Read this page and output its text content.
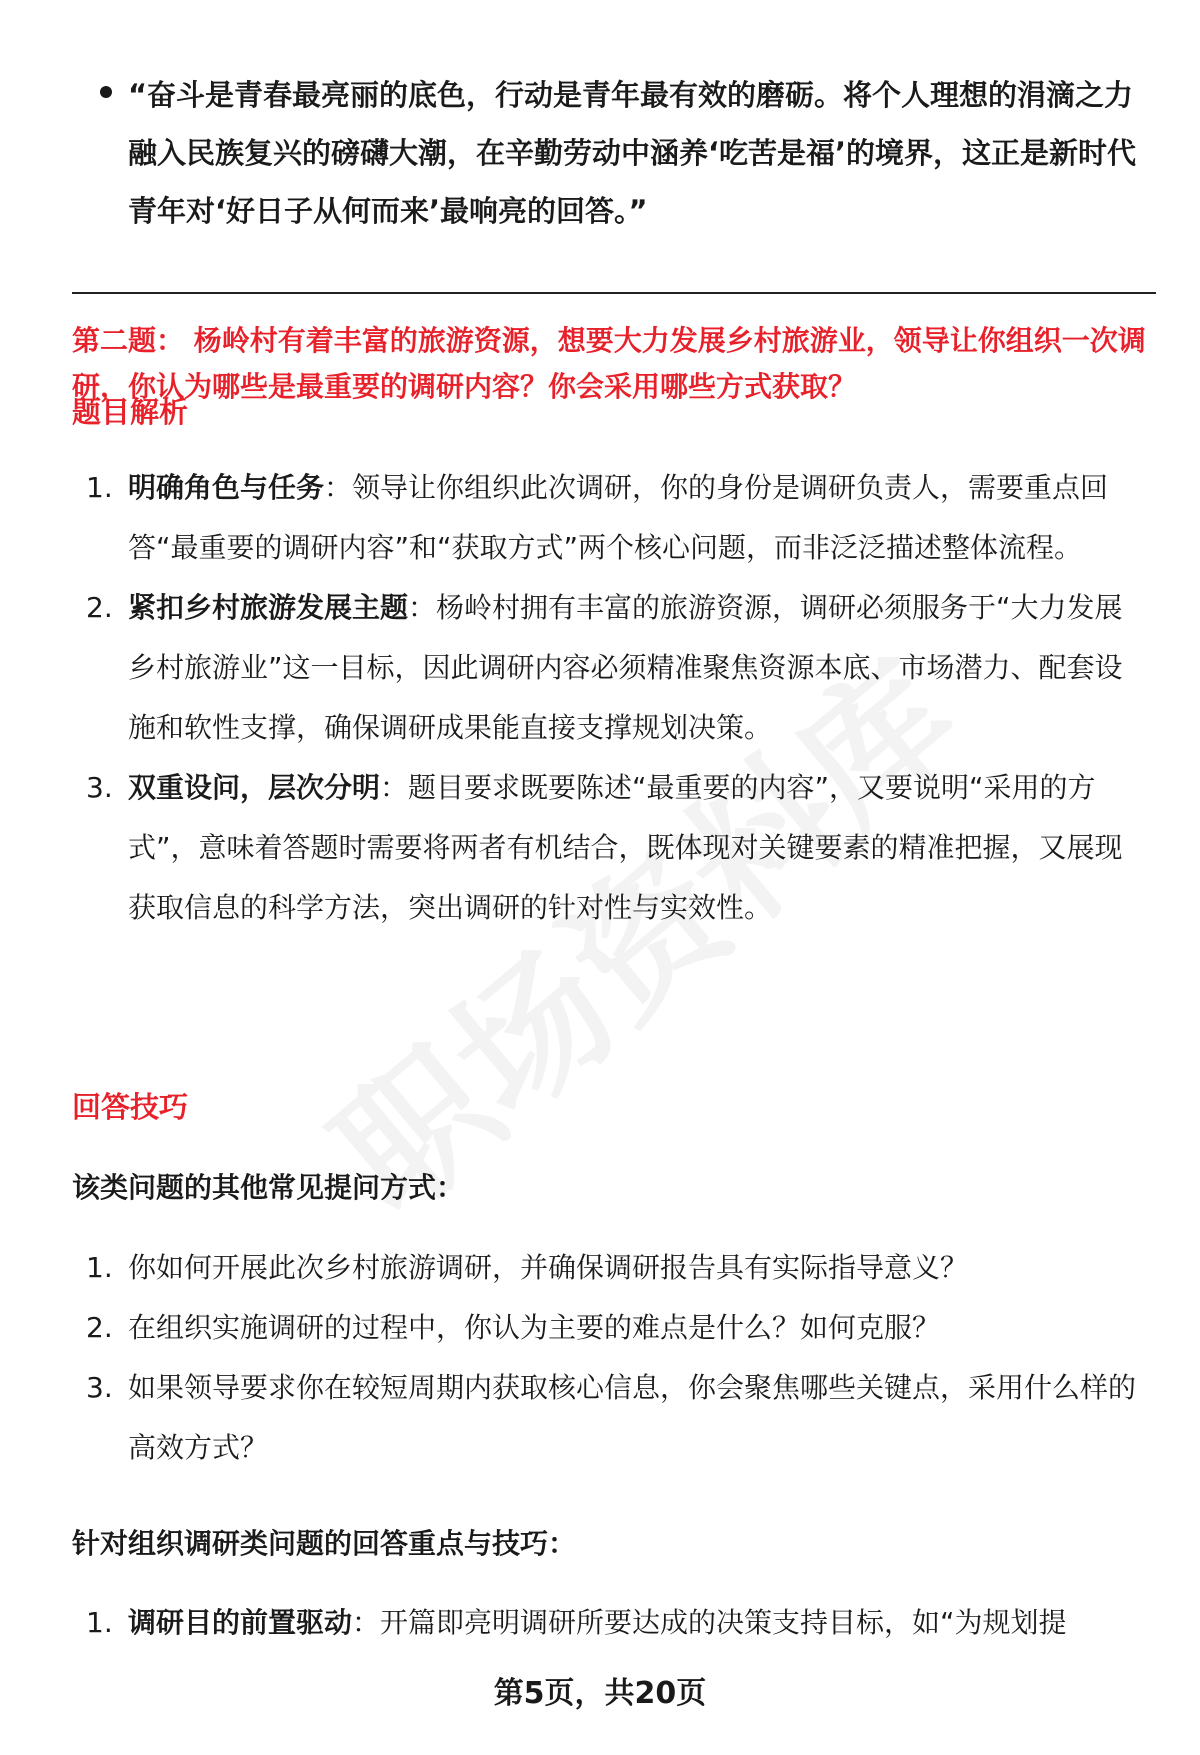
“奋斗是青春最亮丽的底色，行动是青年最有效的磨砺。将个人理想的涓滴之力融入民族复兴的磅礴大潮，在辛勤劳动中涵养‘吃苦是福’的境界，这正是新时代青年对‘好日子从何而来’最响亮的回答。”
第二题： 杨岭村有着丰富的旅游资源，想要大力发展乡村旅游业，领导让你组织一次调研，你认为哪些是最重要的调研内容？你会采用哪些方式获取？
题目解析
1. 明确角色与任务：领导让你组织此次调研，你的身份是调研负责人，需要重点回答“最重要的调研内容”和“获取方式”两个核心问题，而非泛泛描述整体流程。
2. 紧扣乡村旅游发展主题：杨岭村拥有丰富的旅游资源，调研必须服务于“大力发展乡村旅游业”这一目标，因此调研内容必须精准聚焦资源本底、市场潜力、配套设施和软性支撑，确保调研成果能直接支撑规划决策。
3. 双重设问，层次分明：题目要求既要陈述“最重要的内容”，又要说明“采用的方式”，意味着答题时需要将两者有机结合，既体现对关键要素的精准把握，又展现获取信息的科学方法，突出调研的针对性与实效性。
回答技巧
该类问题的其他常见提问方式：
1. 你如何开展此次乡村旅游调研，并确保调研报告具有实际指导意义？
2. 在组织实施调研的过程中，你认为主要的难点是什么？如何克服？
3. 如果领导要求你在较短周期内获取核心信息，你会聚焦哪些关键点，采用什么样的高效方式？
针对组织调研类问题的回答重点与技巧：
1. 调研目的前置驱动：开篇即亮明调研所要达成的决策支持目标，如“为规划提
第5页，共20页
